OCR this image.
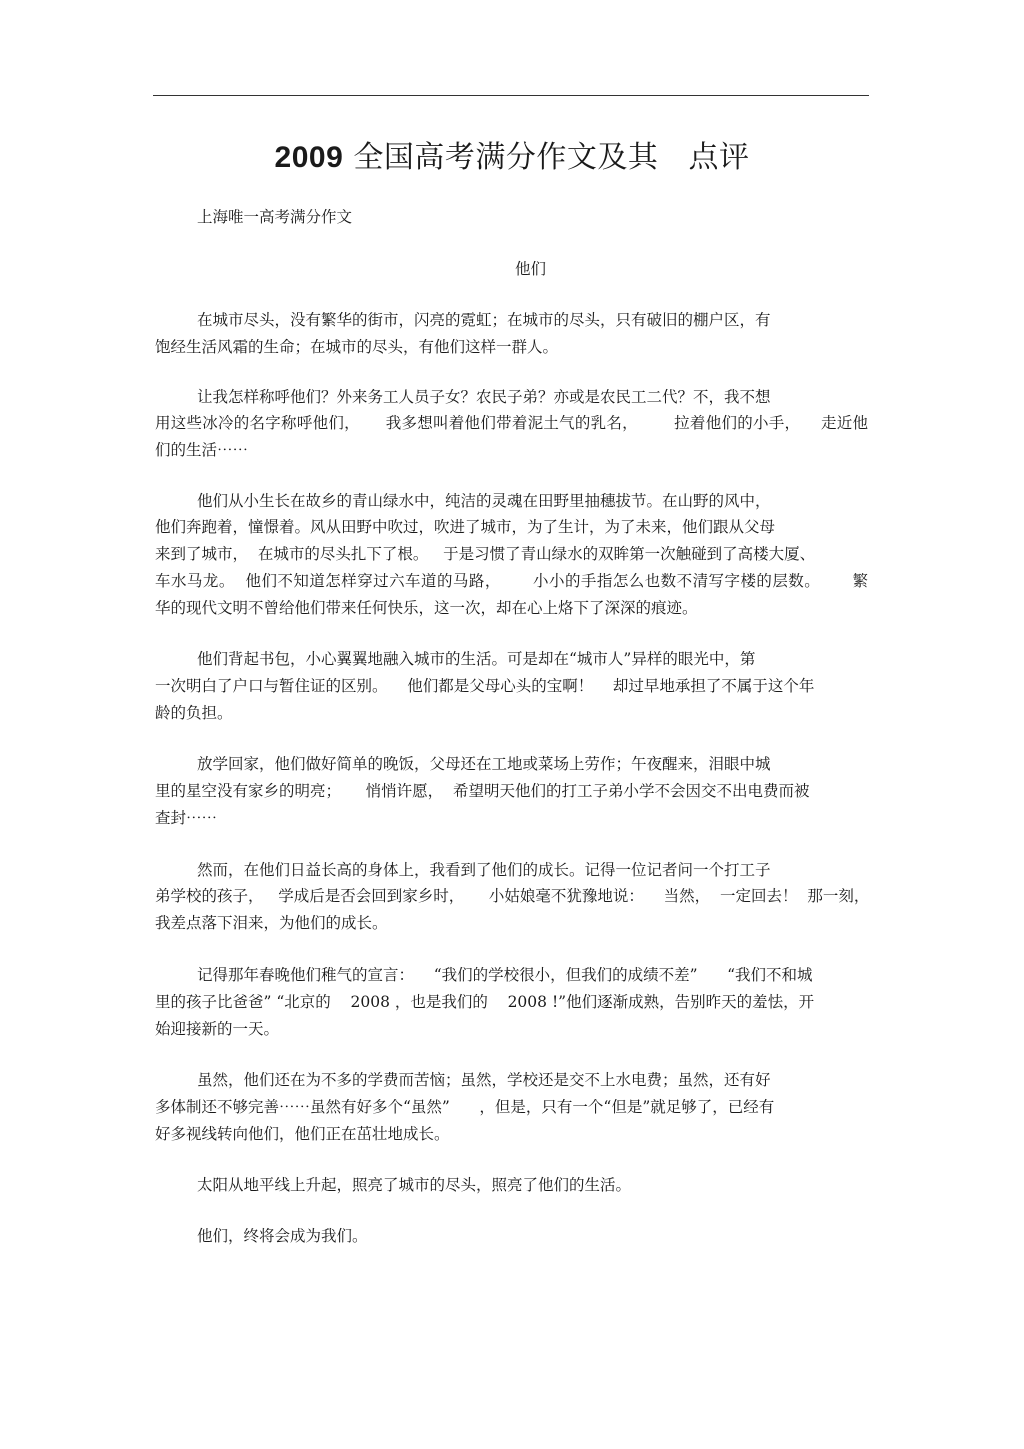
2009 全国高考满分作文及其   点评
上海唯一高考满分作文
他们
在城市尽头，没有繁华的街市，闪亮的霓虹；在城市的尽头，只有破旧的棚户区，有
饱经生活风霜的生命；在城市的尽头，有他们这样一群人。
让我怎样称呼他们？外来务工人员子女？农民子弟？亦或是农民工二代？不，我不想
用这些冰冷的名字称呼他们，     我多想叫着他们带着泥土气的乳名，       拉着他们的小手，    走近他
们的生活⋯⋯
他们从小生长在故乡的青山绿水中，纯洁的灵魂在田野里抽穗拔节。在山野的风中，
他们奔跑着，憧憬着。风从田野中吹过，吹进了城市，为了生计，为了未来，他们跟从父母
来到了城市，  在城市的尽头扎下了根。   于是习惯了青山绿水的双眸第一次触碰到了高楼大厦、
车水马龙。  他们不知道怎样穿过六车道的马路，      小小的手指怎么也数不清写字楼的层数。      繁
华的现代文明不曾给他们带来任何快乐，这一次，却在心上烙下了深深的痕迹。
他们背起书包，小心翼翼地融入城市的生活。可是却在“城市人”异样的眼光中，第
一次明白了户口与暂住证的区别。    他们都是父母心头的宝啊！    却过早地承担了不属于这个年
龄的负担。
放学回家，他们做好简单的晚饭，父母还在工地或菜场上劳作；午夜醒来，泪眼中城
里的星空没有家乡的明亮；     悄悄许愿，  希望明天他们的打工子弟小学不会因交不出电费而被
查封⋯⋯
然而，在他们日益长高的身体上，我看到了他们的成长。记得一位记者问一个打工子
弟学校的孩子，   学成后是否会回到家乡时，     小姑娘毫不犹豫地说：    当然，  一定回去！  那一刻，
我差点落下泪来，为他们的成长。
记得那年春晚他们稚气的宣言：    “我们的学校很小，但我们的成绩不差”      “我们不和城
里的孩子比爸爸” “北京的    2008 ，也是我们的    2008 !”他们逐渐成熟，告别昨天的羞怯，开
始迎接新的一天。
虽然，他们还在为不多的学费而苦恼；虽然，学校还是交不上水电费；虽然，还有好
多体制还不够完善⋯⋯虽然有好多个“虽然”      ，但是，只有一个“但是”就足够了，已经有
好多视线转向他们，他们正在茁壮地成长。
太阳从地平线上升起，照亮了城市的尽头，照亮了他们的生活。
他们，终将会成为我们。
